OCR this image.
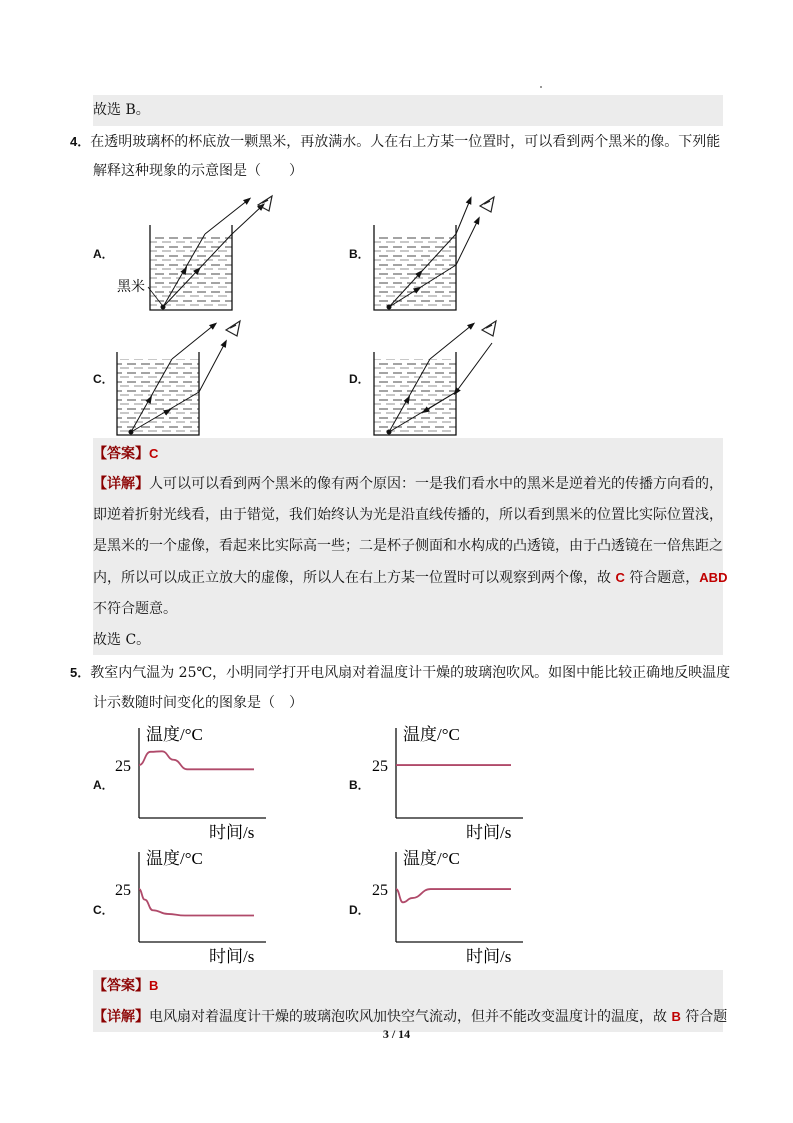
故选 B。
4．在透明玻璃杯的杯底放一颗黑米，再放满水。人在右上方某一位置时，可以看到两个黑米的像。下列能
解释这种现象的示意图是（　　）
A．	B．
C．	D．
黑米
【答案】C
【详解】人可以可以看到两个黑米的像有两个原因：一是我们看水中的黑米是逆着光的传播方向看的，
即逆着折射光线看，由于错觉，我们始终认为光是沿直线传播的，所以看到黑米的位置比实际位置浅，
是黑米的一个虚像，看起来比实际高一些；二是杯子侧面和水构成的凸透镜，由于凸透镜在一倍焦距之
内，所以可以成正立放大的虚像，所以人在右上方某一位置时可以观察到两个像，故 C 符合题意，ABD
不符合题意。
故选 C。
5．教室内气温为 25℃，小明同学打开电风扇对着温度计干燥的玻璃泡吹风。如图中能比较正确地反映温度
计示数随时间变化的图象是（　）
A．	B．
C．	D．
温度/°C
时间/s
25
温度/°C
时间/s
25
温度/°C
时间/s
25
温度/°C
时间/s
25
【答案】B
【详解】电风扇对着温度计干燥的玻璃泡吹风加快空气流动，但并不能改变温度计的温度，故 B 符合题
3 / 14
